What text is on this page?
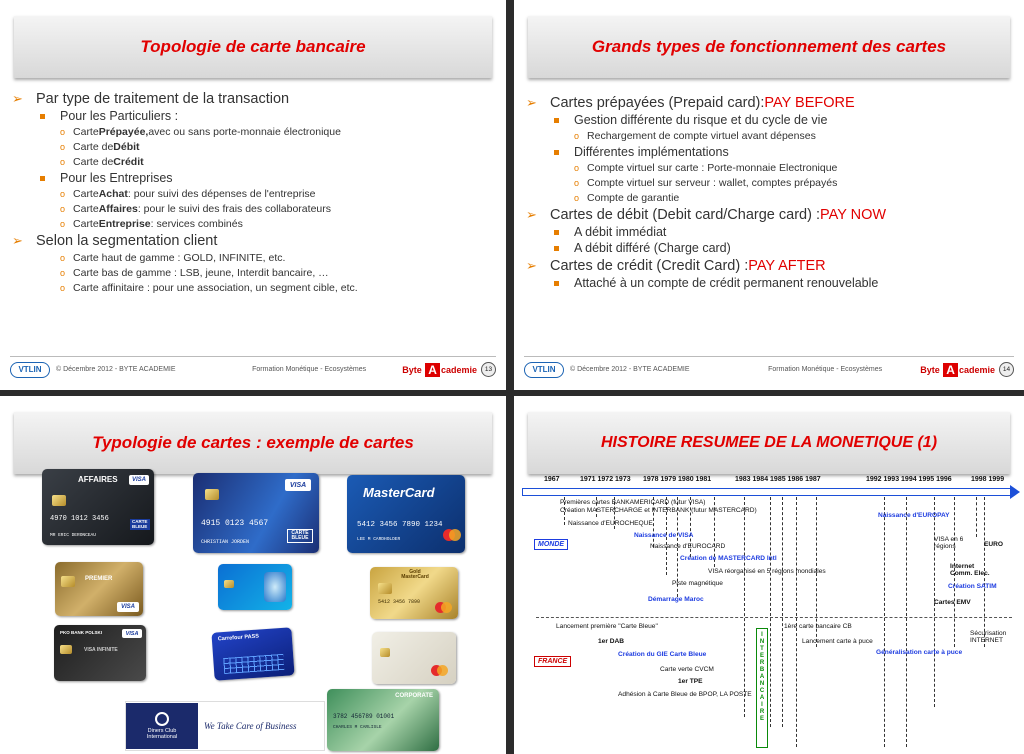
Topologie de carte bancaire
➢ Par type de traitement de la transaction
Pour les Particuliers :
o Carte Prépayée, avec ou sans porte-monnaie électronique
o Carte de Débit
o Carte de Crédit
Pour les Entreprises
o Carte Achat : pour suivi des dépenses de l'entreprise
o Carte Affaires : pour le suivi des frais des collaborateurs
o Carte Entreprise : services combinés
➢ Selon la segmentation client
o Carte haut de gamme : GOLD, INFINITE, etc.
o Carte bas de gamme : LSB, jeune, Interdit bancaire, …
o Carte affinitaire : pour une association, un segment cible, etc.
VTLIN	© Décembre 2012 - BYTE ACADEMIE	Formation Monétique - Ecosystèmes	Byte
A cademie	13
Grands types de fonctionnement des cartes
➢ Cartes prépayées (Prepaid card): PAY BEFORE
Gestion différente du risque et du cycle de vie
o Rechargement de compte virtuel avant dépenses
Différentes implémentations
o Compte virtuel sur carte : Porte-monnaie Electronique
o Compte virtuel sur serveur : wallet, comptes prépayés
o Compte de garantie
➢ Cartes de débit (Debit card/Charge card) : PAY NOW
A débit immédiat
A débit différé (Charge card)
➢ Cartes de crédit (Credit Card) : PAY AFTER
Attaché à un compte de crédit permanent renouvelable
VTLIN	© Décembre 2012 - BYTE ACADEMIE	Formation Monétique - Ecosystèmes	Byte
A cademie	14
Typologie de cartes : exemple de cartes
AFFAIRES	VISA
4970 1012 3456
MR ERIC DERONCEAU
CARTE BLEUE
VISA
4915 0123 4567
CHRISTIAN JORDEN
CARTE BLEUE
MasterCard
5412 3456 7890 1234
LEE M CARDHOLDER
PREMIER
VISA
Gold MasterCard
5412 3456 7890
PKO BANK POLSKI	VISA
VISA INFINITE
Carrefour PASS
Diners Club International
We Take Care of Business
CORPORATE
3782 456789 01001
CHARLES M CARLISLE
HISTOIRE RESUMEE DE LA MONETIQUE (1)
1967	1971 1972 1973 1978 1979 1980 1981	1983 1984 1985 1986 1987	1992 1993 1994 1995 1996	1998 1999
MONDE
FRANCE
Premières cartes BANKAMERICARD (futur VISA)
Création MASTERCHARGE et INTERBANK (futur MASTERCARD)
Naissance d'EUROCHEQUE
Naissance de VISA
Naissance d'EUROCARD
Création de MASTERCARD Intl
VISA réorganisé en 5 régions mondiales
Piste magnétique
Démarrage Maroc
Naissance d'EUROPAY
VISA en 6 régions	EURO
Internet Comm. Elec.
Création SATIM
Cartes EMV
Lancement première "Carte Bleue"
1er DAB
Création du GIE Carte Bleue
Carte verte CVCM
1er TPE
Adhésion à Carte Bleue de BPOP, LA POSTE
1ère carte bancaire CB
Lancement carte à puce
Généralisation carte à puce
Sécurisation INTERNET
INTERBANCAIRE
